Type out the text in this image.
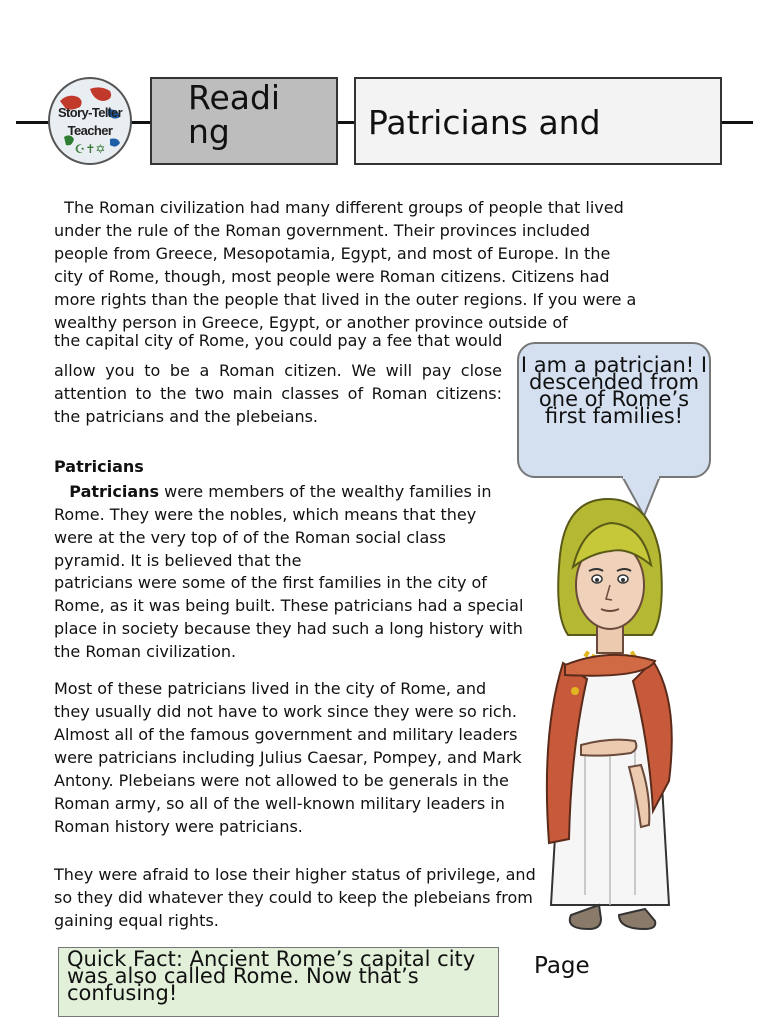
Story-Teller
Teacher
☪✝✡
Reading	Patricians and
The Roman civilization had many different groups of people that lived
under the rule of the Roman government. Their provinces included
people from Greece, Mesopotamia, Egypt, and most of Europe. In the
city of Rome, though, most people were Roman citizens. Citizens had
more rights than the people that lived in the outer regions. If you were a
wealthy person in Greece, Egypt, or another province outside of
the capital city of Rome, you could pay a fee that would
allow you to be a Roman citizen. We will pay close attention to the two main classes of Roman citizens: the patricians and the plebeians.
Patricians
Patricians were members of the wealthy families in Rome. They were the nobles, which means that they were at the very top of of the Roman social class pyramid. It is believed that the
patricians were some of the first families in the city of Rome, as it was being built. These patricians had a special place in society because they had such a long history with the Roman civilization.
Most of these patricians lived in the city of Rome, and they usually did not have to work since they were so rich. Almost all of the famous government and military leaders were patricians including Julius Caesar, Pompey, and Mark Antony. Plebeians were not allowed to be generals in the Roman army, so all of the well-known military leaders in Roman history were patricians.
They were afraid to lose their higher status of privilege, and so they did whatever they could to keep the plebeians from gaining equal rights.
I am a patrician! I descended from one of Rome’s first families!
Quick Fact: Ancient Rome’s capital city was also called Rome. Now that’s confusing!
Page
